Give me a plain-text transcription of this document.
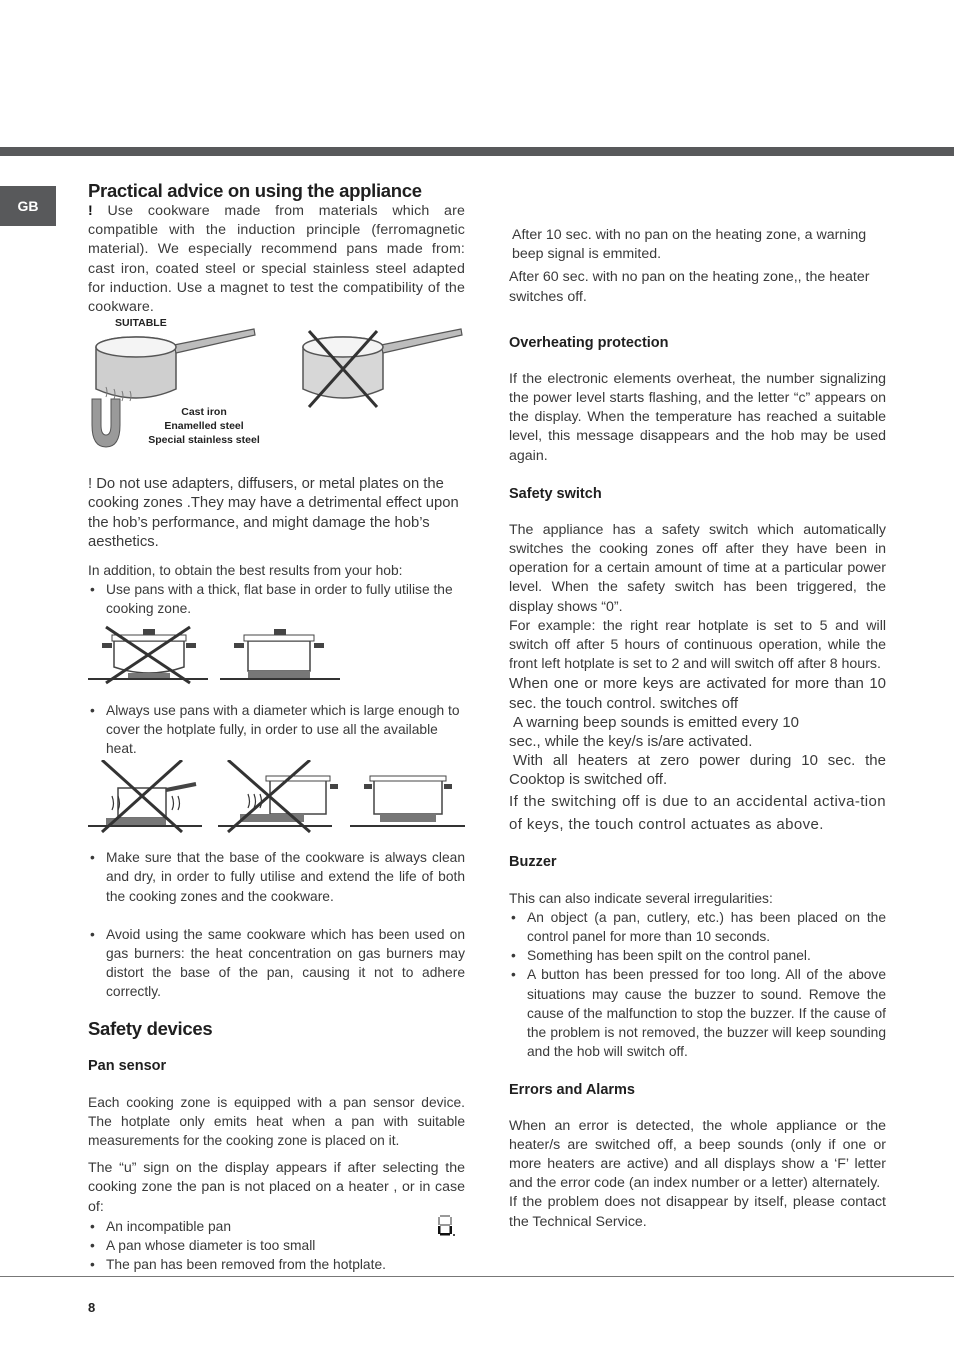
GB
Practical advice on using the appliance

! Use cookware made from materials which are compatible with the induction principle (ferromagnetic material). We especially recommend pans made from: cast iron, coated steel or special stainless steel adapted for induction. Use a magnet to test the compatibility of the cookware.

SUITABLE
Cast iron
Enamelled steel
Special stainless steel

! Do not use adapters, diffusers, or metal plates on the cooking zones .They may have a detrimental effect upon the hob’s performance, and might damage the hob’s aesthetics.

In addition, to obtain the best results from your hob:

• Use pans with a thick, flat base in order to fully utilise the cooking zone.
• Always use pans with a diameter which is large enough to cover the hotplate fully, in order to use all the available heat.
• Make sure that the base of the cookware is always clean and dry, in order to fully utilise and extend the life of both the cooking zones and the cookware.
• Avoid using the same cookware which has been used on gas burners: the heat concentration on gas burners may distort the base of the pan, causing it not to adhere correctly.
Safety devices
Pan sensor

Each cooking zone is equipped with a pan sensor device. The hotplate only emits heat when a pan with suitable measurements for the cooking zone is placed on it.

The “u” sign on the display appears if after selecting the cooking zone the pan is not placed on a heater , or in case of:

• An incompatible pan
• A pan whose diameter is too small
• The pan has been removed from the hotplate.

After 10 sec. with no pan on the heating zone, a warning beep signal is emmited.

After 60 sec. with no pan on the heating zone,, the heater switches off.

Overheating protection

If the electronic elements overheat, the number signalizing the power level starts flashing, and the letter “c” appears on the display. When the temperature has reached a suitable level, this message disappears and the hob may be used again.

Safety switch

The appliance has a safety switch which automatically switches the cooking zones off after they have been in operation for a certain amount of time at a particular power level. When the safety switch has been triggered, the display shows “0”.

For example: the right rear hotplate is set to 5 and will switch off after 5 hours of continuous operation, while the front left hotplate is set to 2 and will switch off after 8 hours.

When one or more keys are activated for more than 10 sec. the touch control. switches off

A warning beep sounds is emitted every 10 sec., while the key/s is/are activated.

With all heaters at zero power during 10 sec. the Cooktop is switched off.

If the switching off is due to an accidental activa-tion of keys, the touch control actuates as above.

Buzzer

This can also indicate several irregularities:

• An object (a pan, cutlery, etc.) has been placed on the control panel for more than 10 seconds.
• Something has been spilt on the control panel.
• A button has been pressed for too long. All of the above situations may cause the buzzer to sound. Remove the cause of the malfunction to stop the buzzer. If the cause of the problem is not removed, the buzzer will keep sounding and the hob will switch off.
Errors and Alarms

When an error is detected, the whole appliance or the heater/s are switched off, a beep sounds (only if one or more heaters are active) and all displays show a ‘F’ letter and the error code (an index number or a letter) alternately.

If the problem does not disappear by itself, please contact the Technical Service.

8
